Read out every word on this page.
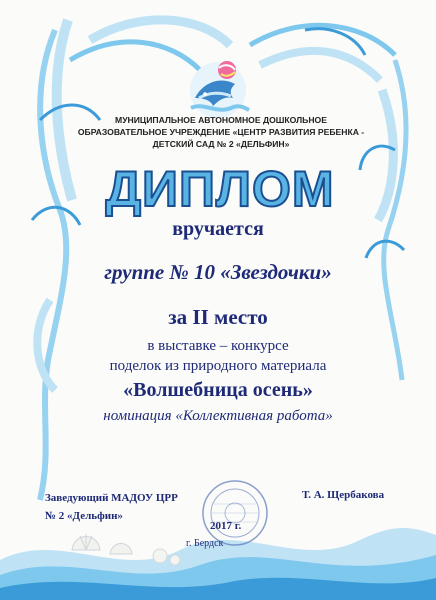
МУНИЦИПАЛЬНОЕ АВТОНОМНОЕ ДОШКОЛЬНОЕ
ОБРАЗОВАТЕЛЬНОЕ УЧРЕЖДЕНИЕ «ЦЕНТР РАЗВИТИЯ РЕБЕНКА -
ДЕТСКИЙ САД № 2 «ДЕЛЬФИН»
ДИПЛОМ
вручается
группе № 10 «Звездочки»
за II место
в выставке – конкурсе
поделок из природного материала
«Волшебница осень»
номинация «Коллективная работа»
Заведующий МАДОУ ЦРР
№ 2 «Дельфин»
Т. А. Щербакова
2017 г.
г. Бердск
